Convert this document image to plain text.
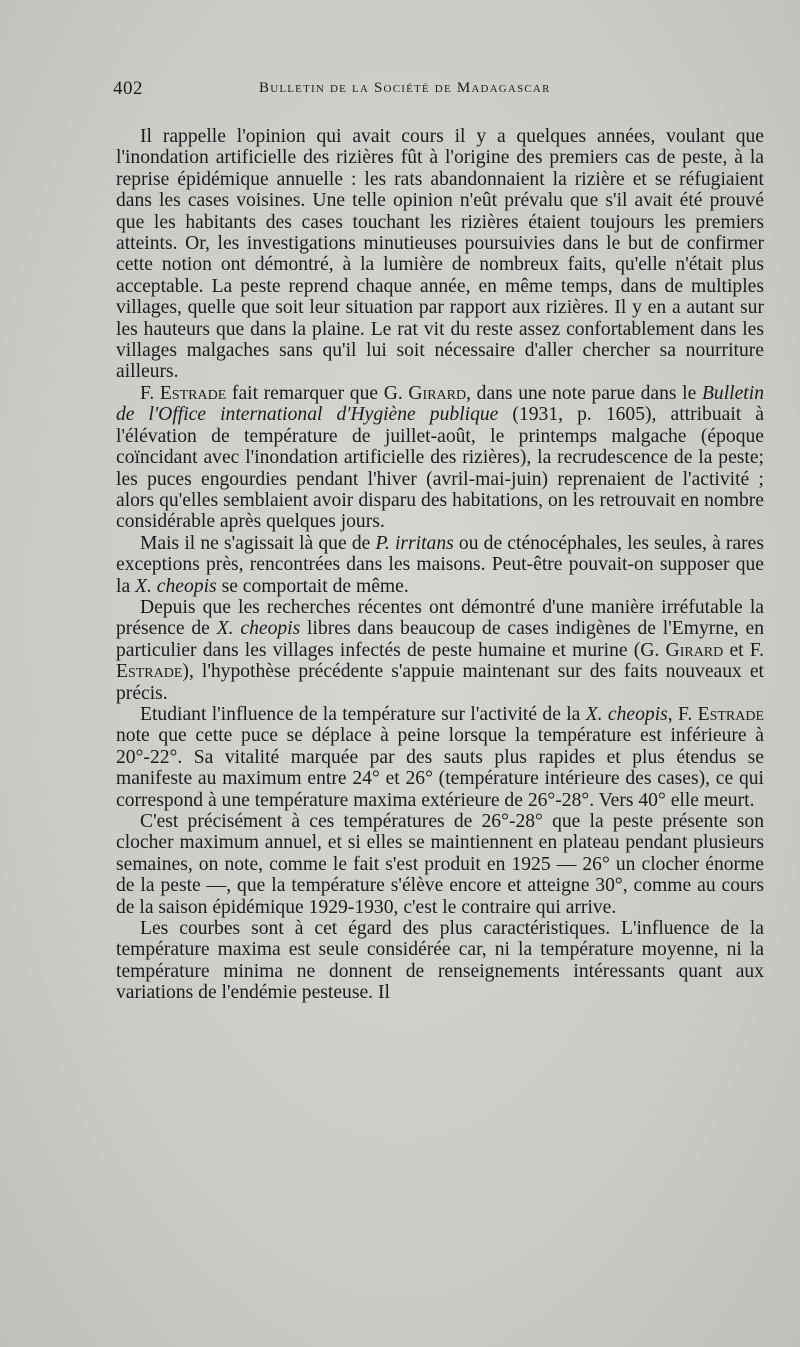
402	Bulletin de la Société de Madagascar

Il rappelle l'opinion qui avait cours il y a quelques années, voulant que l'inondation artificielle des rizières fût à l'origine des premiers cas de peste, à la reprise épidémique annuelle : les rats abandonnaient la rizière et se réfugiaient dans les cases voisines. Une telle opinion n'eût prévalu que s'il avait été prouvé que les habitants des cases touchant les rizières étaient toujours les premiers atteints. Or, les investigations minutieuses poursuivies dans le but de confirmer cette notion ont démontré, à la lumière de nombreux faits, qu'elle n'était plus acceptable. La peste reprend chaque année, en même temps, dans de multiples villages, quelle que soit leur situation par rapport aux rizières. Il y en a autant sur les hauteurs que dans la plaine. Le rat vit du reste assez confortablement dans les villages malgaches sans qu'il lui soit nécessaire d'aller chercher sa nourriture ailleurs.

F. Estrade fait remarquer que G. Girard, dans une note parue dans le Bulletin de l'Office international d'Hygiène publique (1931, p. 1605), attribuait à l'élévation de température de juillet-août, le printemps malgache (époque coïncidant avec l'inondation artificielle des rizières), la recrudescence de la peste; les puces engourdies pendant l'hiver (avril-mai-juin) reprenaient de l'activité ; alors qu'elles semblaient avoir disparu des habitations, on les retrouvait en nombre considérable après quelques jours.

Mais il ne s'agissait là que de P. irritans ou de cténocéphales, les seules, à rares exceptions près, rencontrées dans les maisons. Peut-être pouvait-on supposer que la X. cheopis se comportait de même.

Depuis que les recherches récentes ont démontré d'une manière irréfutable la présence de X. cheopis libres dans beaucoup de cases indigènes de l'Emyrne, en particulier dans les villages infectés de peste humaine et murine (G. Girard et F. Estrade), l'hypothèse précédente s'appuie maintenant sur des faits nouveaux et précis.

Etudiant l'influence de la température sur l'activité de la X. cheopis, F. Estrade note que cette puce se déplace à peine lorsque la température est inférieure à 20°-22°. Sa vitalité marquée par des sauts plus rapides et plus étendus se manifeste au maximum entre 24° et 26° (température intérieure des cases), ce qui correspond à une température maxima extérieure de 26°-28°. Vers 40° elle meurt.

C'est précisément à ces températures de 26°-28° que la peste présente son clocher maximum annuel, et si elles se maintiennent en plateau pendant plusieurs semaines, on note, comme le fait s'est produit en 1925 — 26° un clocher énorme de la peste —, que la température s'élève encore et atteigne 30°, comme au cours de la saison épidémique 1929-1930, c'est le contraire qui arrive.

Les courbes sont à cet égard des plus caractéristiques. L'influence de la température maxima est seule considérée car, ni la température moyenne, ni la température minima ne donnent de renseignements intéressants quant aux variations de l'endémie pesteuse. Il
